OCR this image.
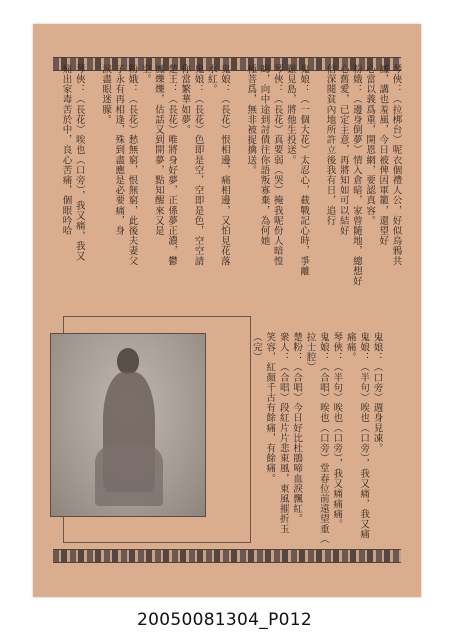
琴俠：（拉梆台）呢衣個禮人公，好似烏鴉共
鳳，講也羞風，今日被俾因軍籠，還望好
心當以義爲重，開恩網，要認真容。
粉娥：（邊身倒夢）情入倉暗，家曾隨地，總想好
心舊愛，已定主意，再將知如可以結好
信深閱貧內地所許立後我有日，追行
鬼娘：（一個大花）太忍心，截戰記心時，爭離
難見島，將他生投送。
琴俠：（長花）真要弱（哭）掩我呢份人暗惶
晦，向中途到討債往你語叛寡棄，為何她
種菩爲，無非被捉擒送。
鬼娘：（長花）恨相邊，痛相邊，又怕見花落
水紅。
鬼娘：（長花）色即是空，空即是色，空空請
你當繁華如夢。
楚王：（長花）唯將身好夢，正係夢正濃，鬱
鳳爍爍，估話又到開夢，點知醒來又是
空。
粉娥：（長花）愁無窮，恨無窮，此後夫妻父
子永有再相逢，殊到盡應是必要痛，身
淚盡眼迷朦。
琴俠：（長花）唉也（口旁），我又痛，我又
痛出家毒苦於中，良心苦痛，個眼吟哈
鬼娘：（口旁）週身見凍。
鬼娘：（半句）唉也（口旁），我又痛，我又痛
痛痛。
琴俠：（半句）唉也（口旁），我又痛痛痛。
鬼娘：（合唱）唉也（口旁）堂春位前遠望重（
拉士腔）
楚粉：（合唱）今日好比杜鵑啼血淚飄紅。
衆人：（合唱）段紅片片悲東風，東風摧折玉
笑容，紅顏千古有餘痛，有餘痛。
（完）
20050081304_P012
